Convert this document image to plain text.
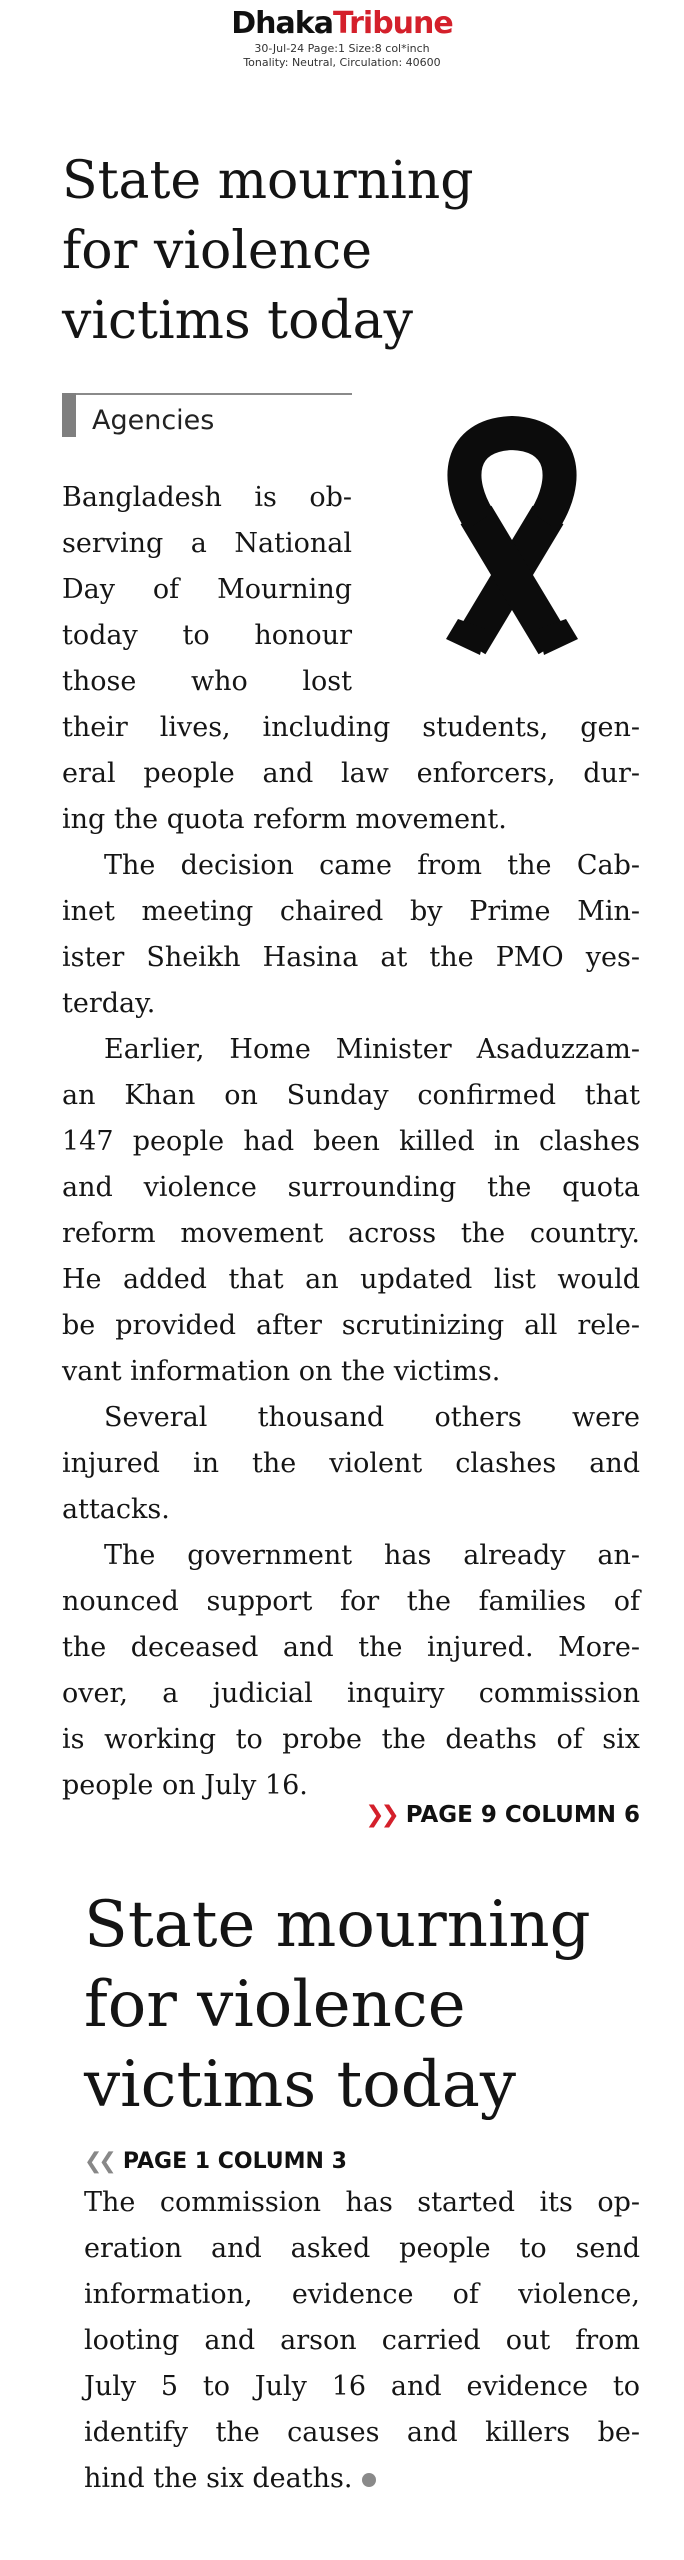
DhakaTribune
30-Jul-24 Page:1 Size:8 col*inch
Tonality: Neutral, Circulation: 40600
State mourning
for violence
victims today
Agencies
Bangladesh is ob-
serving a National
Day of Mourning
today to honour
those who lost
their lives, including students, gen-
eral people and law enforcers, dur-
ing the quota reform movement.
The decision came from the Cab-
inet meeting chaired by Prime Min-
ister Sheikh Hasina at the PMO yes-
terday.
Earlier, Home Minister Asaduzzam-
an Khan on Sunday confirmed that
147 people had been killed in clashes
and violence surrounding the quota
reform movement across the country.
He added that an updated list would
be provided after scrutinizing all rele-
vant information on the victims.
Several thousand others were
injured in the violent clashes and
attacks.
The government has already an-
nounced support for the families of
the deceased and the injured. More-
over, a judicial inquiry commission
is working to probe the deaths of six
people on July 16.
❯❯ PAGE 9 COLUMN 6
State mourning
for violence
victims today
❮❮ PAGE 1 COLUMN 3
The commission has started its op-
eration and asked people to send
information, evidence of violence,
looting and arson carried out from
July 5 to July 16 and evidence to
identify the causes and killers be-
hind the six deaths.
